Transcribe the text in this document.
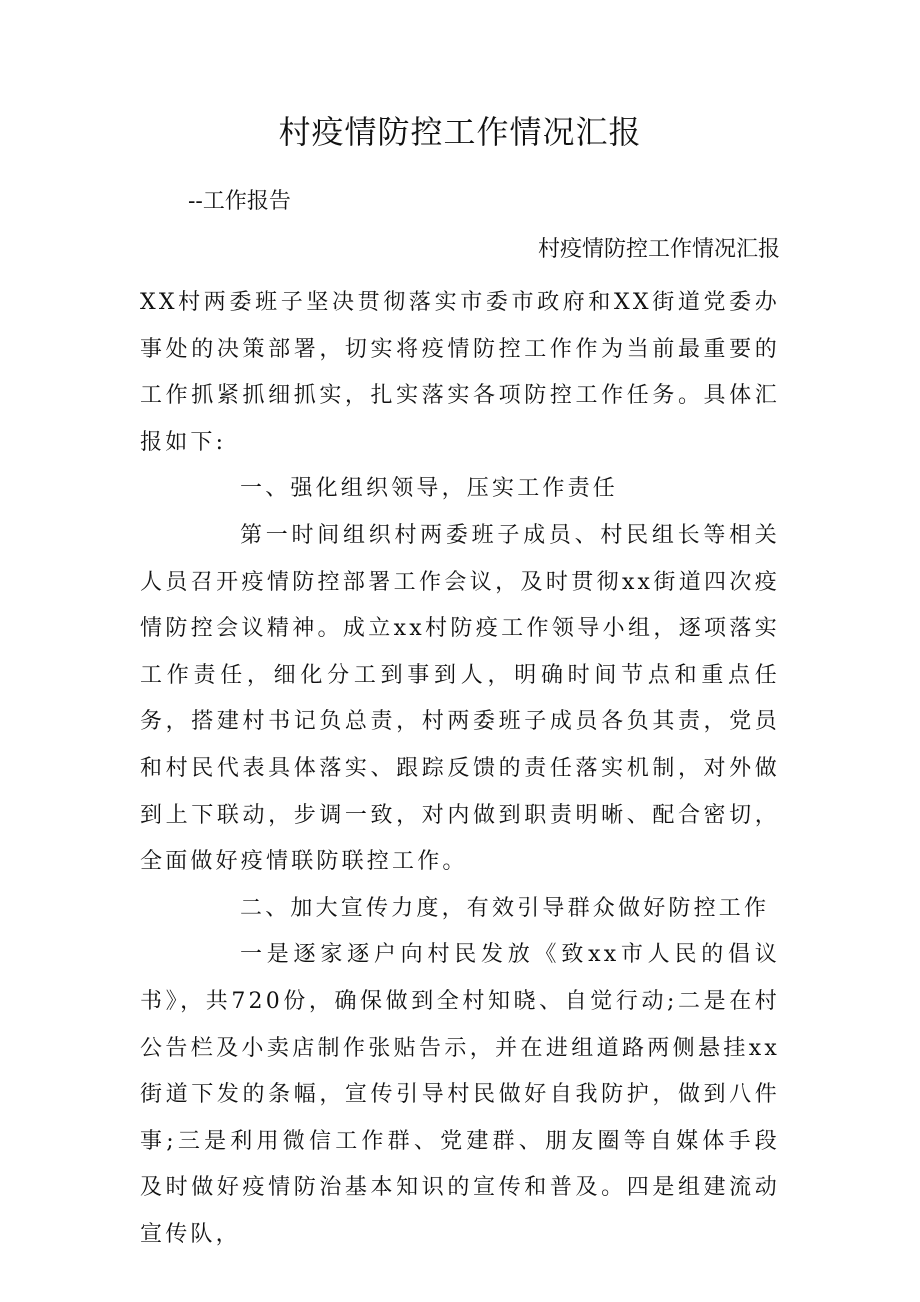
村疫情防控工作情况汇报

--工作报告

村疫情防控工作情况汇报

XX村两委班子坚决贯彻落实市委市政府和XX街道党委办事处的决策部署，切实将疫情防控工作作为当前最重要的工作抓紧抓细抓实，扎实落实各项防控工作任务。具体汇报如下:

一、强化组织领导，压实工作责任

第一时间组织村两委班子成员、村民组长等相关人员召开疫情防控部署工作会议，及时贯彻xx街道四次疫情防控会议精神。成立xx村防疫工作领导小组，逐项落实工作责任，细化分工到事到人，明确时间节点和重点任务，搭建村书记负总责，村两委班子成员各负其责，党员和村民代表具体落实、跟踪反馈的责任落实机制，对外做到上下联动，步调一致，对内做到职责明晰、配合密切，全面做好疫情联防联控工作。

二、加大宣传力度，有效引导群众做好防控工作

一是逐家逐户向村民发放《致xx市人民的倡议书》，共720份，确保做到全村知晓、自觉行动;二是在村公告栏及小卖店制作张贴告示，并在进组道路两侧悬挂xx街道下发的条幅，宣传引导村民做好自我防护，做到八件事;三是利用微信工作群、党建群、朋友圈等自媒体手段及时做好疫情防治基本知识的宣传和普及。四是组建流动宣传队，
